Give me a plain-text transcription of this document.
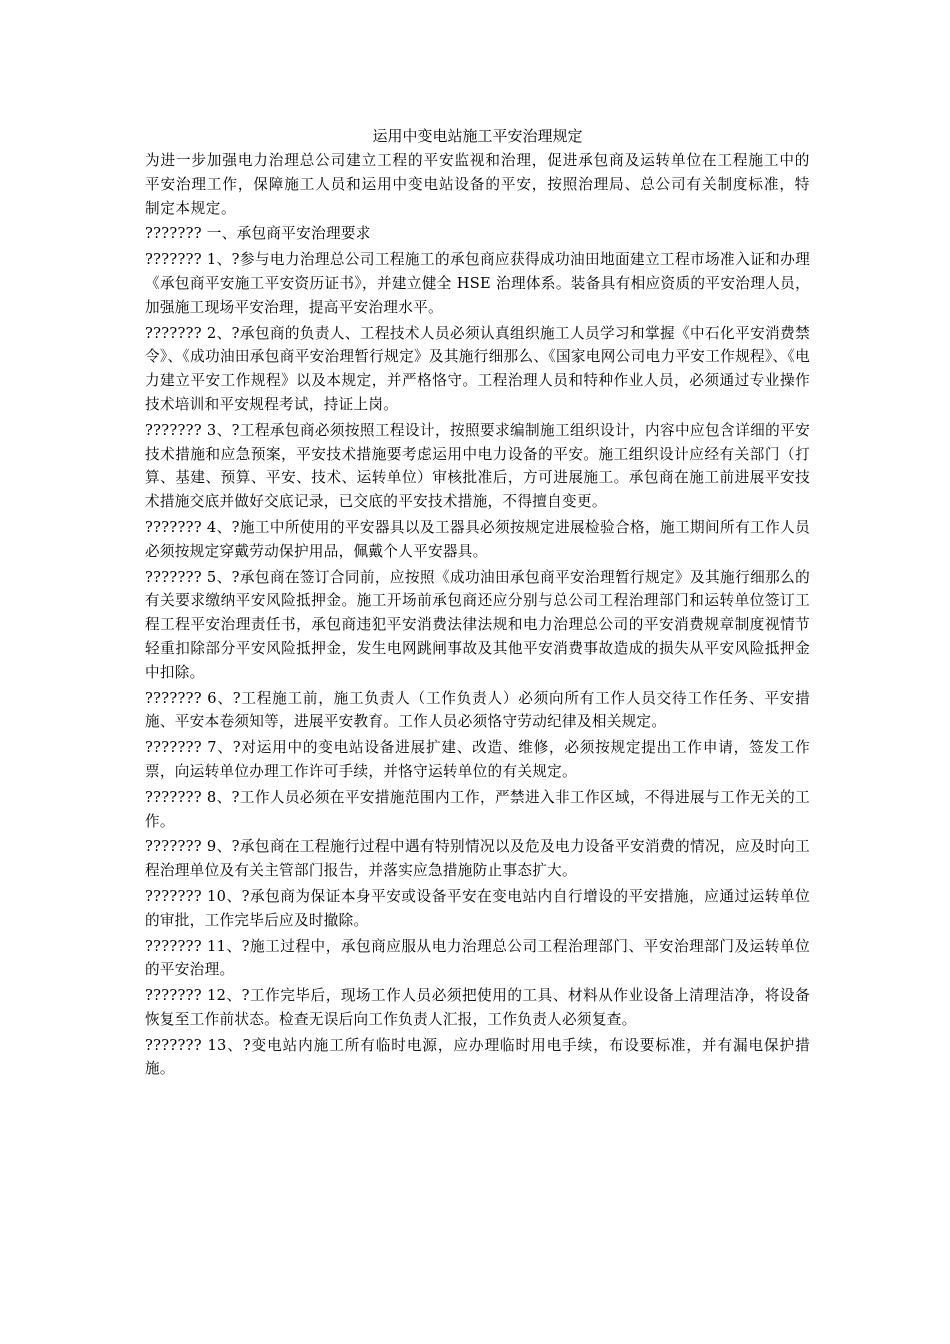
运用中变电站施工平安治理规定

为进一步加强电力治理总公司建立工程的平安监视和治理，促进承包商及运转单位在工程施工中的平安治理工作，保障施工人员和运用中变电站设备的平安，按照治理局、总公司有关制度标准，特制定本规定。

??????? 一、承包商平安治理要求

??????? 1、?参与电力治理总公司工程施工的承包商应获得成功油田地面建立工程市场准入证和办理《承包商平安施工平安资历证书》，并建立健全 HSE 治理体系。装备具有相应资质的平安治理人员，加强施工现场平安治理，提高平安治理水平。

??????? 2、?承包商的负责人、工程技术人员必须认真组织施工人员学习和掌握《中石化平安消费禁令》、《成功油田承包商平安治理暂行规定》及其施行细那么、《国家电网公司电力平安工作规程》、《电力建立平安工作规程》以及本规定，并严格恪守。工程治理人员和特种作业人员，必须通过专业操作技术培训和平安规程考试，持证上岗。

??????? 3、?工程承包商必须按照工程设计，按照要求编制施工组织设计，内容中应包含详细的平安技术措施和应急预案，平安技术措施要考虑运用中电力设备的平安。施工组织设计应经有关部门（打算、基建、预算、平安、技术、运转单位）审核批准后，方可进展施工。承包商在施工前进展平安技术措施交底并做好交底记录，已交底的平安技术措施，不得擅自变更。

??????? 4、?施工中所使用的平安器具以及工器具必须按规定进展检验合格，施工期间所有工作人员必须按规定穿戴劳动保护用品，佩戴个人平安器具。

??????? 5、?承包商在签订合同前，应按照《成功油田承包商平安治理暂行规定》及其施行细那么的有关要求缴纳平安风险抵押金。施工开场前承包商还应分别与总公司工程治理部门和运转单位签订工程工程平安治理责任书，承包商违犯平安消费法律法规和电力治理总公司的平安消费规章制度视情节轻重扣除部分平安风险抵押金，发生电网跳闸事故及其他平安消费事故造成的损失从平安风险抵押金中扣除。

??????? 6、?工程施工前，施工负责人（工作负责人）必须向所有工作人员交待工作任务、平安措施、平安本卷须知等，进展平安教育。工作人员必须恪守劳动纪律及相关规定。

??????? 7、?对运用中的变电站设备进展扩建、改造、维修，必须按规定提出工作申请，签发工作票，向运转单位办理工作许可手续，并恪守运转单位的有关规定。

??????? 8、?工作人员必须在平安措施范围内工作，严禁进入非工作区域，不得进展与工作无关的工作。

??????? 9、?承包商在工程施行过程中遇有特别情况以及危及电力设备平安消费的情况，应及时向工程治理单位及有关主管部门报告，并落实应急措施防止事态扩大。

??????? 10、?承包商为保证本身平安或设备平安在变电站内自行增设的平安措施，应通过运转单位的审批，工作完毕后应及时撤除。

??????? 11、?施工过程中，承包商应服从电力治理总公司工程治理部门、平安治理部门及运转单位的平安治理。

??????? 12、?工作完毕后，现场工作人员必须把使用的工具、材料从作业设备上清理洁净，将设备恢复至工作前状态。检查无误后向工作负责人汇报，工作负责人必须复查。

??????? 13、?变电站内施工所有临时电源，应办理临时用电手续，布设要标准，并有漏电保护措施。
